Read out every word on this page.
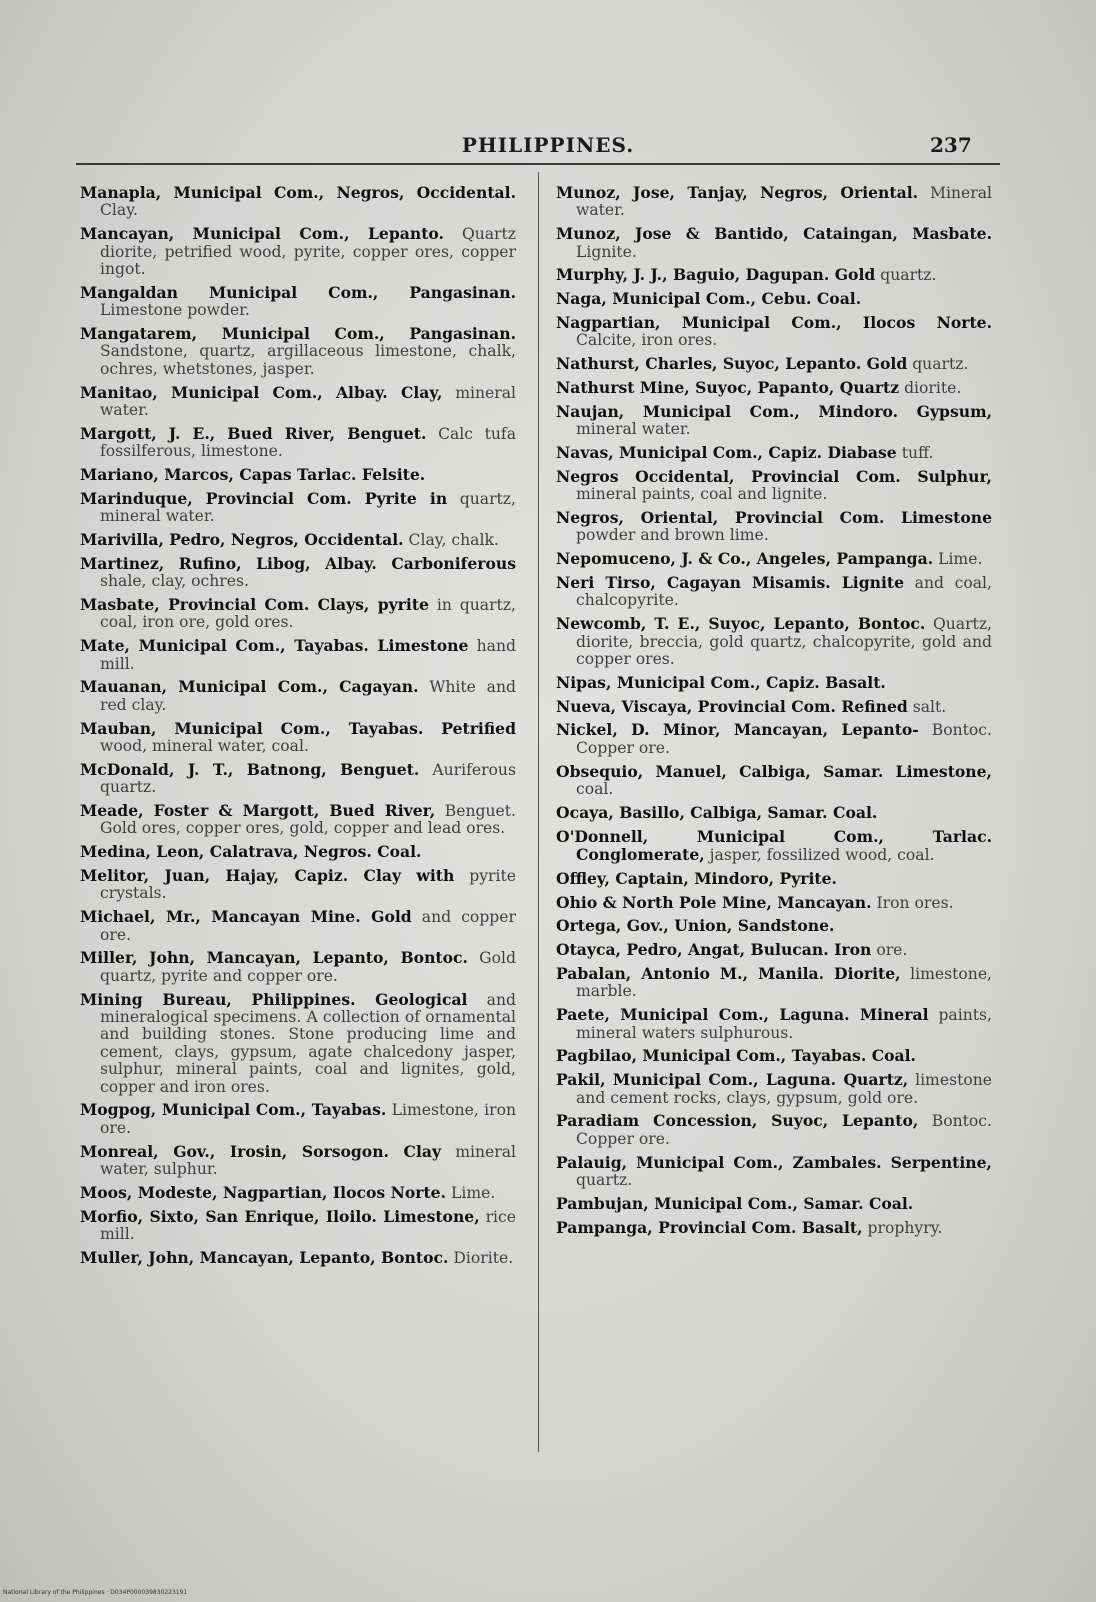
PHILIPPINES.	237
Manapla, Municipal Com., Negros, Occidental. Clay.
Mancayan, Municipal Com., Lepanto. Quartz diorite, petrified wood, pyrite, copper ores, copper ingot.
Mangaldan Municipal Com., Pangasinan. Limestone powder.
Mangatarem, Municipal Com., Pangasinan. Sandstone, quartz, argillaceous limestone, chalk, ochres, whetstones, jasper.
Manitao, Municipal Com., Albay. Clay, mineral water.
Margott, J. E., Bued River, Benguet. Calc tufa fossilferous, limestone.
Mariano, Marcos, Capas Tarlac. Felsite.
Marinduque, Provincial Com. Pyrite in quartz, mineral water.
Marivilla, Pedro, Negros, Occidental. Clay, chalk.
Martinez, Rufino, Libog, Albay. Carboniferous shale, clay, ochres.
Masbate, Provincial Com. Clays, pyrite in quartz, coal, iron ore, gold ores.
Mate, Municipal Com., Tayabas. Limestone hand mill.
Mauanan, Municipal Com., Cagayan. White and red clay.
Mauban, Municipal Com., Tayabas. Petrified wood, mineral water, coal.
McDonald, J. T., Batnong, Benguet. Auriferous quartz.
Meade, Foster & Margott, Bued River, Benguet. Gold ores, copper ores, gold, copper and lead ores.
Medina, Leon, Calatrava, Negros. Coal.
Melitor, Juan, Hajay, Capiz. Clay with pyrite crystals.
Michael, Mr., Mancayan Mine. Gold and copper ore.
Miller, John, Mancayan, Lepanto, Bontoc. Gold quartz, pyrite and copper ore.
Mining Bureau, Philippines. Geological and mineralogical specimens. A collection of ornamental and building stones. Stone producing lime and cement, clays, gypsum, agate chalcedony jasper, sulphur, mineral paints, coal and lignites, gold, copper and iron ores.
Mogpog, Municipal Com., Tayabas. Limestone, iron ore.
Monreal, Gov., Irosin, Sorsogon. Clay mineral water, sulphur.
Moos, Modeste, Nagpartian, Ilocos Norte. Lime.
Morfio, Sixto, San Enrique, Iloilo. Limestone, rice mill.
Muller, John, Mancayan, Lepanto, Bontoc. Diorite.
Munoz, Jose, Tanjay, Negros, Oriental. Mineral water.
Munoz, Jose & Bantido, Cataingan, Masbate. Lignite.
Murphy, J. J., Baguio, Dagupan. Gold quartz.
Naga, Municipal Com., Cebu. Coal.
Nagpartian, Municipal Com., Ilocos Norte. Calcite, iron ores.
Nathurst, Charles, Suyoc, Lepanto. Gold quartz.
Nathurst Mine, Suyoc, Papanto, Quartz diorite.
Naujan, Municipal Com., Mindoro. Gypsum, mineral water.
Navas, Municipal Com., Capiz. Diabase tuff.
Negros Occidental, Provincial Com. Sulphur, mineral paints, coal and lignite.
Negros, Oriental, Provincial Com. Limestone powder and brown lime.
Nepomuceno, J. & Co., Angeles, Pampanga. Lime.
Neri Tirso, Cagayan Misamis. Lignite and coal, chalcopyrite.
Newcomb, T. E., Suyoc, Lepanto, Bontoc. Quartz, diorite, breccia, gold quartz, chalcopyrite, gold and copper ores.
Nipas, Municipal Com., Capiz. Basalt.
Nueva, Viscaya, Provincial Com. Refined salt.
Nickel, D. Minor, Mancayan, Lepanto- Bontoc. Copper ore.
Obsequio, Manuel, Calbiga, Samar. Limestone, coal.
Ocaya, Basillo, Calbiga, Samar. Coal.
O'Donnell, Municipal Com., Tarlac. Conglomerate, jasper, fossilized wood, coal.
Offley, Captain, Mindoro, Pyrite.
Ohio & North Pole Mine, Mancayan. Iron ores.
Ortega, Gov., Union, Sandstone.
Otayca, Pedro, Angat, Bulucan. Iron ore.
Pabalan, Antonio M., Manila. Diorite, limestone, marble.
Paete, Municipal Com., Laguna. Mineral paints, mineral waters sulphurous.
Pagbilao, Municipal Com., Tayabas. Coal.
Pakil, Municipal Com., Laguna. Quartz, limestone and cement rocks, clays, gypsum, gold ore.
Paradiam Concession, Suyoc, Lepanto, Bontoc. Copper ore.
Palauig, Municipal Com., Zambales. Serpentine, quartz.
Pambujan, Municipal Com., Samar. Coal.
Pampanga, Provincial Com. Basalt, prophyry.
National Library of the Philippines · D034P000039830223191
